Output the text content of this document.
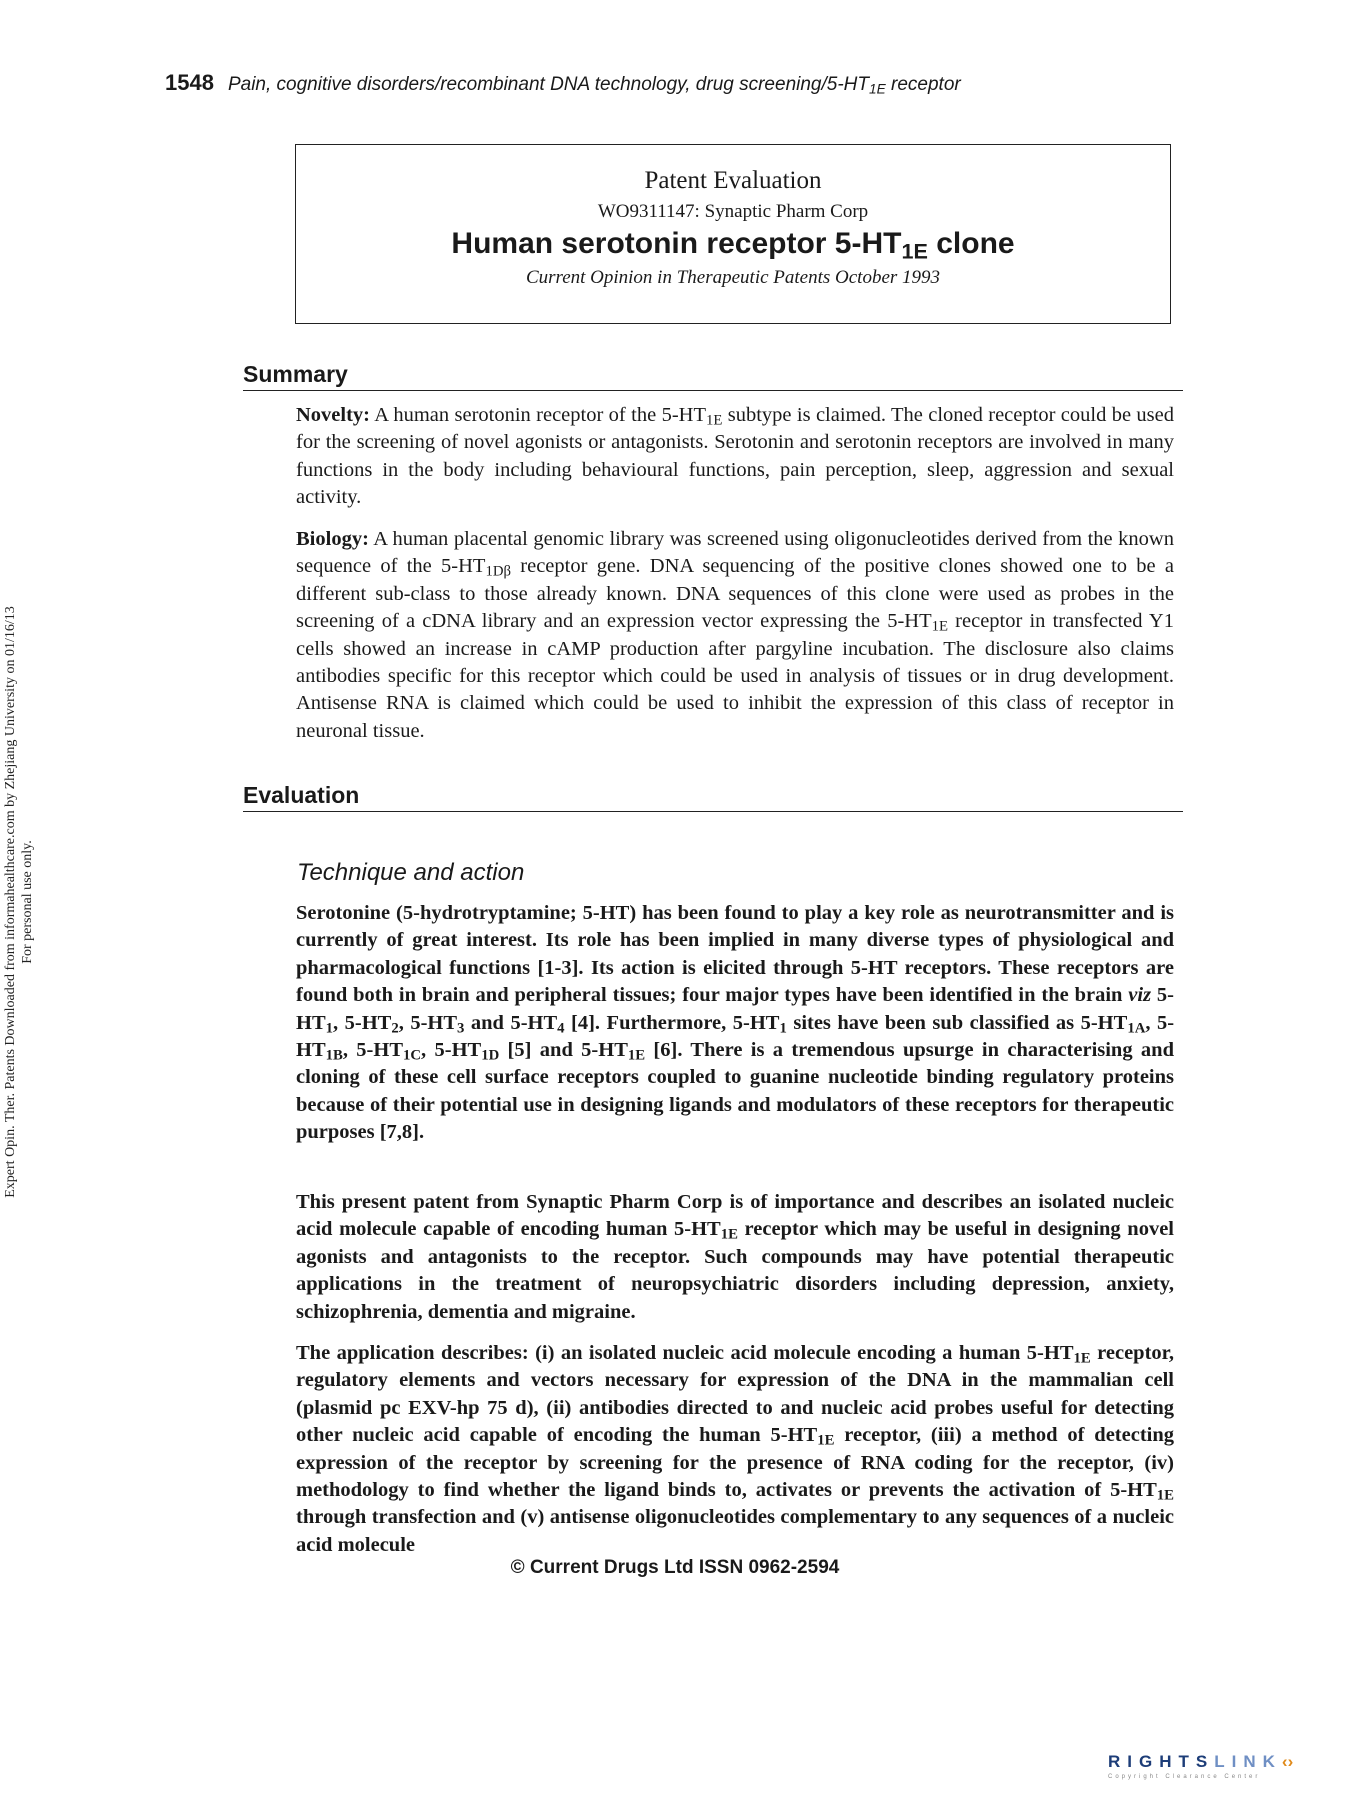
1548 Pain, cognitive disorders/recombinant DNA technology, drug screening/$5-HT_{1E}$ receptor
Expert Opin. Ther. Patents Downloaded from informahealthcare.com by Zhejiang University on 01/16/13 For personal use only.
Patent Evaluation
WO9311147: Synaptic Pharm Corp
Human serotonin receptor $5-HT_{1E}$ clone
Current Opinion in Therapeutic Patents October 1993
Summary
Novelty: A human serotonin receptor of the $5-HT_{1E}$ subtype is claimed. The cloned receptor could be used for the screening of novel agonists or antagonists. Serotonin and serotonin receptors are involved in many functions in the body including behavioural functions, pain perception, sleep, aggression and sexual activity.
Biology: A human placental genomic library was screened using oligonucleotides derived from the known sequence of the $5-HT_{1D\beta}$ receptor gene. DNA sequencing of the positive clones showed one to be a different sub-class to those already known. DNA sequences of this clone were used as probes in the screening of a cDNA library and an expression vector expressing the $5-HT_{1E}$ receptor in transfected Y1 cells showed an increase in cAMP production after pargyline incubation. The disclosure also claims antibodies specific for this receptor which could be used in analysis of tissues or in drug development. Antisense RNA is claimed which could be used to inhibit the expression of this class of receptor in neuronal tissue.
Evaluation
Technique and action
Serotonine (5-hydrotryptamine; 5-HT) has been found to play a key role as neurotransmitter and is currently of great interest. Its role has been implied in many diverse types of physiological and pharmacological functions [1-3]. Its action is elicited through 5-HT receptors. These receptors are found both in brain and peripheral tissues; four major types have been identified in the brain viz $5-HT_1$, $5-HT_2$, $5-HT_3$ and $5-HT_4$ [4]. Furthermore, $5-HT_1$ sites have been sub classified as $5-HT_{1A}$, $5-HT_{1B}$, $5-HT_{1C}$, $5-HT_{1D}$ [5] and $5-HT_{1E}$ [6]. There is a tremendous upsurge in characterising and cloning of these cell surface receptors coupled to guanine nucleotide binding regulatory proteins because of their potential use in designing ligands and modulators of these receptors for therapeutic purposes [7,8].
This present patent from Synaptic Pharm Corp is of importance and describes an isolated nucleic acid molecule capable of encoding human $5-HT_{1E}$ receptor which may be useful in designing novel agonists and antagonists to the receptor. Such compounds may have potential therapeutic applications in the treatment of neuropsychiatric disorders including depression, anxiety, schizophrenia, dementia and migraine.
The application describes: (i) an isolated nucleic acid molecule encoding a human $5-HT_{1E}$ receptor, regulatory elements and vectors necessary for expression of the DNA in the mammalian cell (plasmid pc EXV-hp 75 d), (ii) antibodies directed to and nucleic acid probes useful for detecting other nucleic acid capable of encoding the human $5-HT_{1E}$ receptor, (iii) a method of detecting expression of the receptor by screening for the presence of RNA coding for the receptor, (iv) methodology to find whether the ligand binds to, activates or prevents the activation of $5-HT_{1E}$ through transfection and (v) antisense oligonucleotides complementary to any sequences of a nucleic acid molecule
© Current Drugs Ltd ISSN 0962-2594
RIGHTSLINK‹›
Copyright Clearance Center
